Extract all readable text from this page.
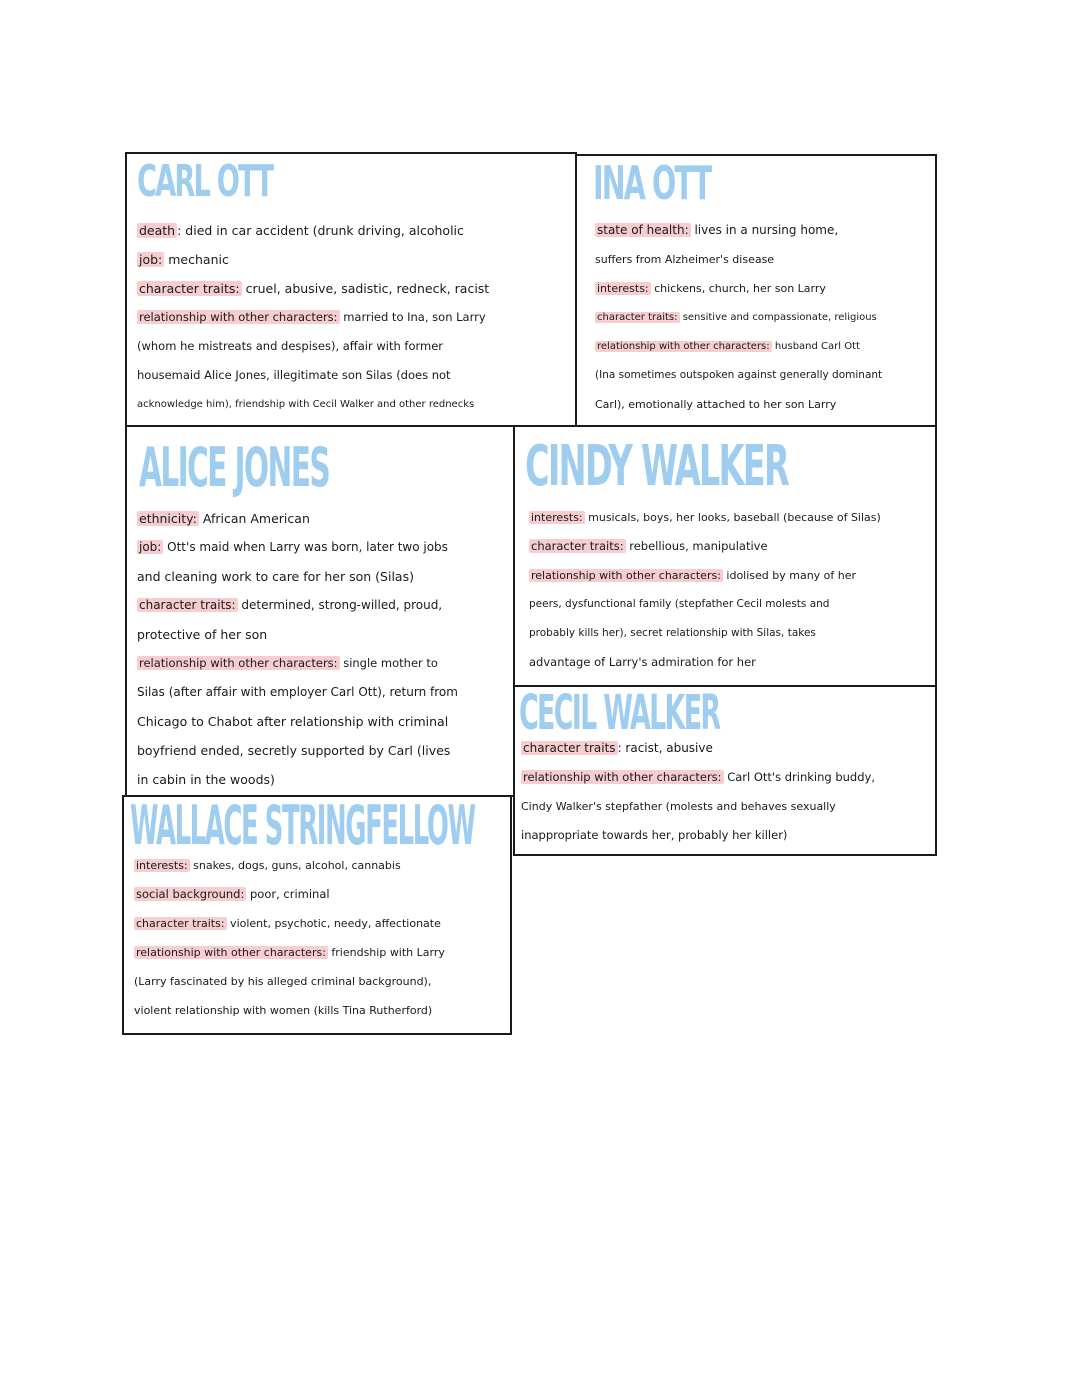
CARL OTT
death : died in car accident (drunk driving, alcoholic
job: mechanic
character traits: cruel, abusive, sadistic, redneck, racist
relationship with other characters: married to Ina, son Larry
(whom he mistreats and despises), affair with former
housemaid Alice Jones, illegitimate son Silas (does not
acknowledge him), friendship with Cecil Walker and other rednecks
INA OTT
state of health: lives in a nursing home,
suffers from Alzheimer's disease
interests: chickens, church, her son Larry
character traits: sensitive and compassionate, religious
relationship with other characters: husband Carl Ott
(Ina sometimes outspoken against generally dominant
Carl), emotionally attached to her son Larry
ALICE JONES
ethnicity: African American
job: Ott's maid when Larry was born, later two jobs
and cleaning work to care for her son (Silas)
character traits: determined, strong-willed, proud,
protective of her son
relationship with other characters: single mother to
Silas (after affair with employer Carl Ott), return from
Chicago to Chabot after relationship with criminal
boyfriend ended, secretly supported by Carl (lives
in cabin in the woods)
CINDY WALKER
interests: musicals, boys, her looks, baseball (because of Silas)
character traits: rebellious, manipulative
relationship with other characters: idolised by many of her
peers, dysfunctional family (stepfather Cecil molests and
probably kills her), secret relationship with Silas, takes
advantage of Larry's admiration for her
CECIL WALKER
character traits : racist, abusive
relationship with other characters: Carl Ott's drinking buddy,
Cindy Walker's stepfather (molests and behaves sexually
inappropriate towards her, probably her killer)
WALLACE STRINGFELLOW
interests: snakes, dogs, guns, alcohol, cannabis
social background: poor, criminal
character traits: violent, psychotic, needy, affectionate
relationship with other characters: friendship with Larry
(Larry fascinated by his alleged criminal background),
violent relationship with women (kills Tina Rutherford)
